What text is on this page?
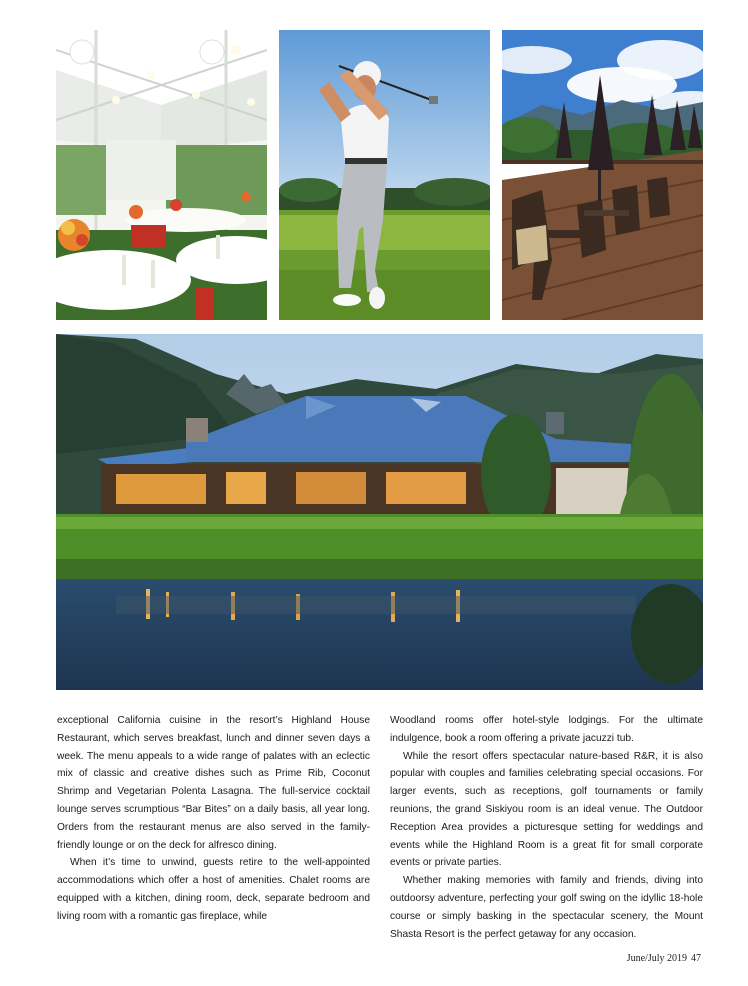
exceptional California cuisine in the resort’s Highland House Restaurant, which serves breakfast, lunch and dinner seven days a week. The menu appeals to a wide range of palates with an eclectic mix of classic and creative dishes such as Prime Rib, Coconut Shrimp and Vegetarian Polenta Lasagna. The full-service cocktail lounge serves scrumptious “Bar Bites” on a daily basis, all year long. Orders from the restaurant menus are also served in the family-friendly lounge or on the deck for alfresco dining.

When it’s time to unwind, guests retire to the well-appointed accommodations which offer a host of amenities. Chalet rooms are equipped with a kitchen, dining room, deck, separate bedroom and living room with a romantic gas fireplace, while

Woodland rooms offer hotel-style lodgings. For the ultimate indulgence, book a room offering a private jacuzzi tub.

While the resort offers spectacular nature-based R&R, it is also popular with couples and families celebrating special occasions. For larger events, such as receptions, golf tournaments or family reunions, the grand Siskiyou room is an ideal venue. The Outdoor Reception Area provides a picturesque setting for weddings and events while the Highland Room is a great fit for small corporate events or private parties.

Whether making memories with family and friends, diving into outdoorsy adventure, perfecting your golf swing on the idyllic 18-hole course or simply basking in the spectacular scenery, the Mount Shasta Resort is the perfect getaway for any occasion.

June/July 2019 47
